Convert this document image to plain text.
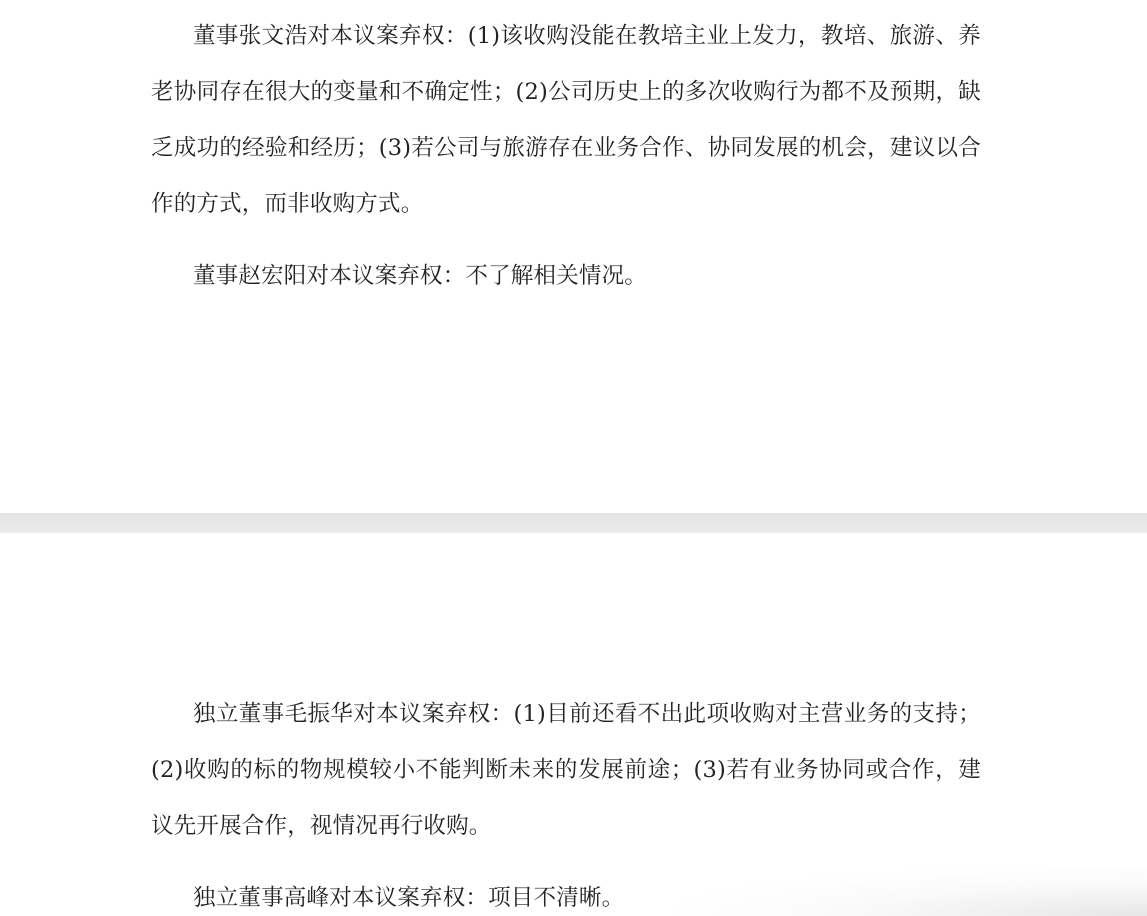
董事张文浩对本议案弃权：(1)该收购没能在教培主业上发力，教培、旅游、养老协同存在很大的变量和不确定性；(2)公司历史上的多次收购行为都不及预期，缺乏成功的经验和经历；(3)若公司与旅游存在业务合作、协同发展的机会，建议以合作的方式，而非收购方式。

董事赵宏阳对本议案弃权：不了解相关情况。

独立董事毛振华对本议案弃权：(1)目前还看不出此项收购对主营业务的支持；(2)收购的标的物规模较小不能判断未来的发展前途；(3)若有业务协同或合作，建议先开展合作，视情况再行收购。

独立董事高峰对本议案弃权：项目不清晰。
